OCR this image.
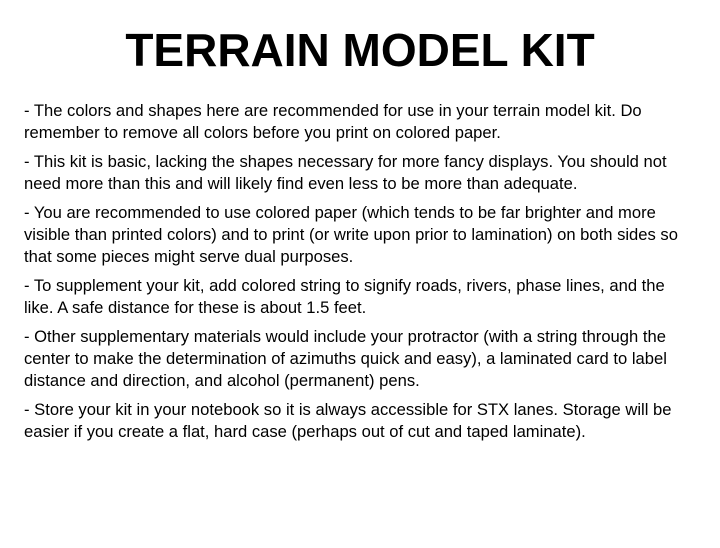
TERRAIN MODEL KIT

- The colors and shapes here are recommended for use in your terrain model kit. Do remember to remove all colors before you print on colored paper.

- This kit is basic, lacking the shapes necessary for more fancy displays. You should not need more than this and will likely find even less to be more than adequate.

- You are recommended to use colored paper (which tends to be far brighter and more visible than printed colors) and to print (or write upon prior to lamination) on both sides so that some pieces might serve dual purposes.

- To supplement your kit, add colored string to signify roads, rivers, phase lines, and the like. A safe distance for these is about 1.5 feet.

- Other supplementary materials would include your protractor (with a string through the center to make the determination of azimuths quick and easy), a laminated card to label distance and direction, and alcohol (permanent) pens.

- Store your kit in your notebook so it is always accessible for STX lanes. Storage will be easier if you create a flat, hard case (perhaps out of cut and taped laminate).
